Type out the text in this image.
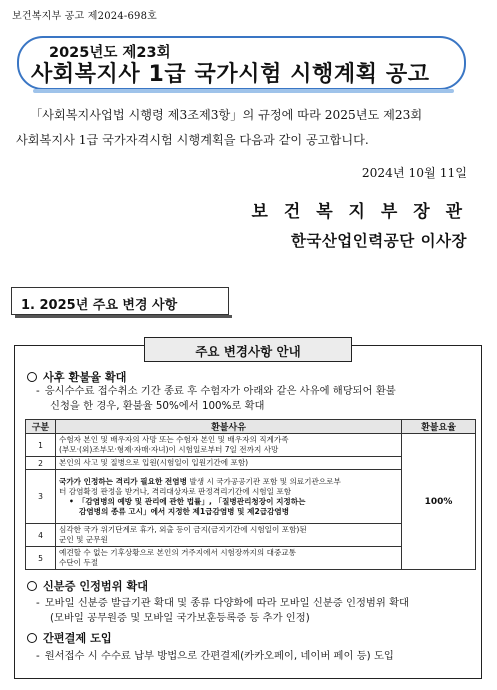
보건복지부 공고 제2024-698호
2025년도 제23회
사회복지사 1급 국가시험 시행계획 공고
「사회복지사업법 시행령 제3조제3항」의 규정에 따라 2025년도 제23회
사회복지사 1급 국가자격시험 시행계획을 다음과 같이 공고합니다.
2024년 10월 11일
보 건 복 지 부 장 관
한국산업인력공단 이사장
1. 2025년 주요 변경 사항
주요 변경사항 안내
사후 환불율 확대
- 응시수수료 접수취소 기간 종료 후 수험자가 아래와 같은 사유에 해당되어 환불
신청을 한 경우, 환불율 50%에서 100%로 확대
구분	환불사유	환불요율
1	수험자 본인 및 배우자의 사망 또는 수험자 본인 및 배우자의 직계가족
(부모·(외)조부모·형제·자매·자녀)이 시험일로부터 7일 전까지 사망	100%
2	본인의 사고 및 질병으로 입원(시험일이 입원기간에 포함)	

3	국가가 인정하는 격리가 필요한 전염병 발생 시 국가공공기관 포함 및 의료기관으로부
터 감염확정 판정을 받거나, 격리대상자로 판정격리기간에 시험일 포함
• 「감염병의 예방 및 관리에 관한 법률」, 「질병관리청장이 지정하는
감염병의 종류 고시」에서 지정한 제1급감염병 및 제2급감염병	

4	심각한 국가 위기단계로 휴가, 외출 등이 금지(금지기간에 시험일이 포함)된
군인 및 군무원	

5	예견할 수 없는 기후상황으로 본인의 거주지에서 시험장까지의 대중교통
수단이 두절	
신분증 인정범위 확대
- 모바일 신분증 발급기관 확대 및 종류 다양화에 따라 모바일 신분증 인정범위 확대
(모바일 공무원증 및 모바일 국가보훈등록증 등 추가 인정)
간편결제 도입
- 원서접수 시 수수료 납부 방법으로 간편결제(카카오페이, 네이버 페이 등) 도입
